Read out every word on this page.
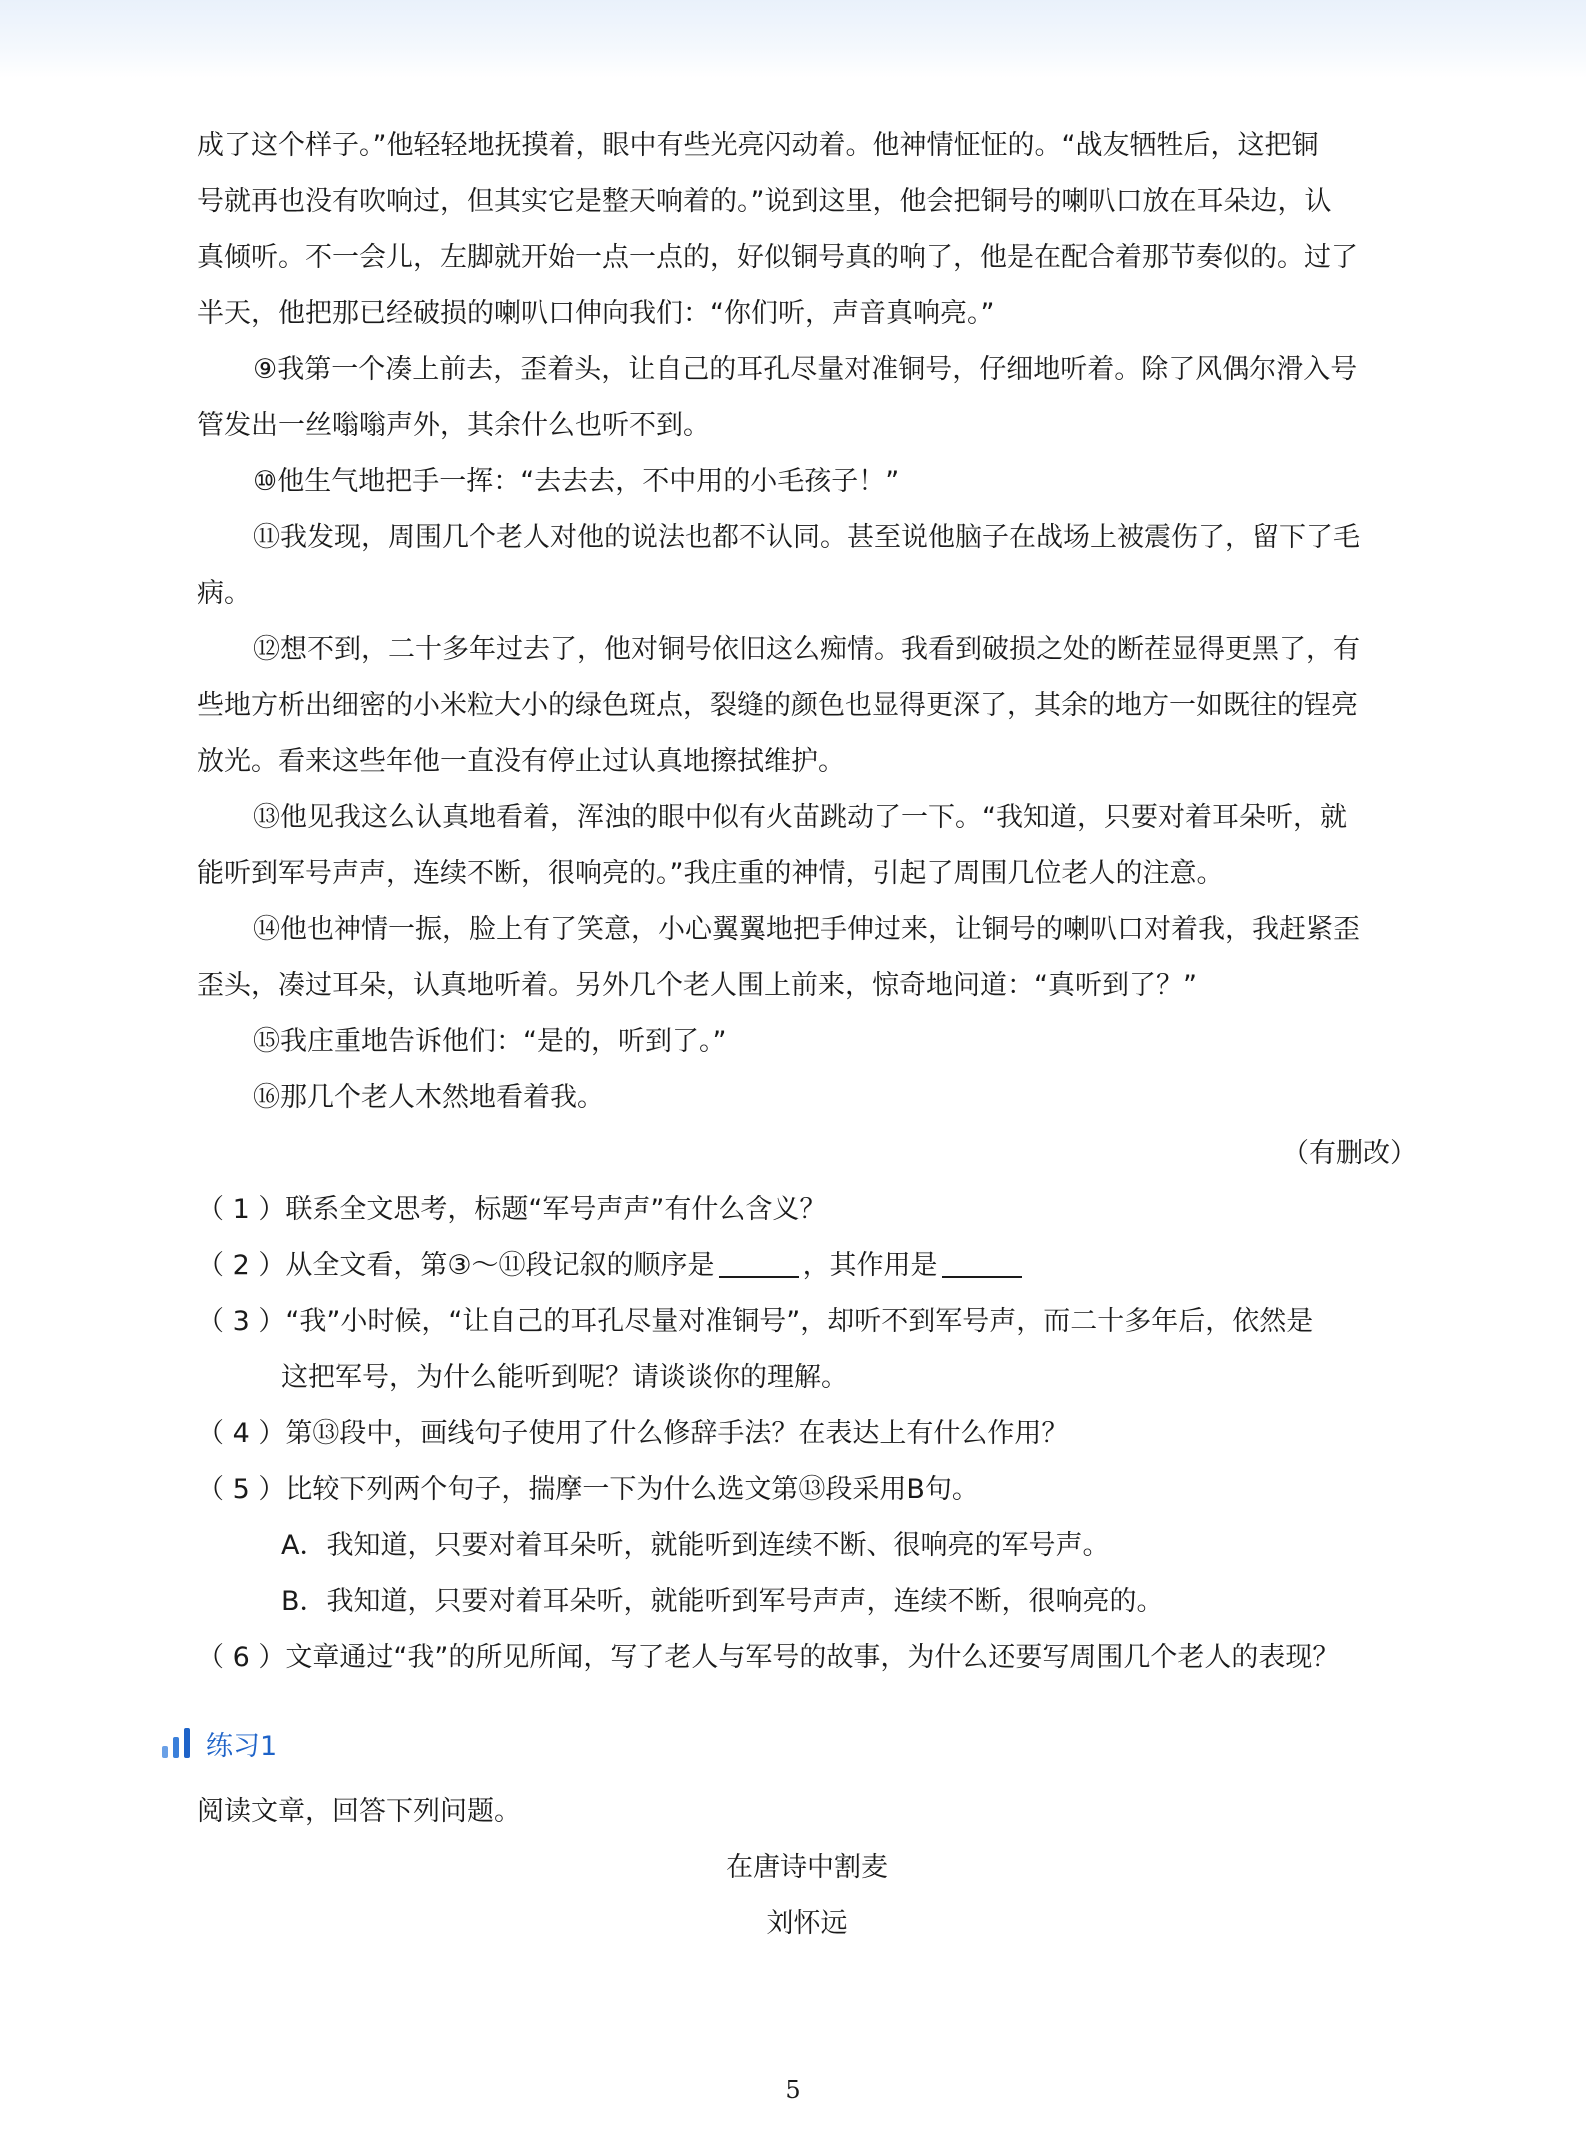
成了这个样子。”他轻轻地抚摸着，眼中有些光亮闪动着。他神情怔怔的。“战友牺牲后，这把铜
号就再也没有吹响过，但其实它是整天响着的。”说到这里，他会把铜号的喇叭口放在耳朵边，认
真倾听。不一会儿，左脚就开始一点一点的，好似铜号真的响了，他是在配合着那节奏似的。过了
半天，他把那已经破损的喇叭口伸向我们：“你们听，声音真响亮。”
⑨我第一个凑上前去，歪着头，让自己的耳孔尽量对准铜号，仔细地听着。除了风偶尔滑入号
管发出一丝嗡嗡声外，其余什么也听不到。
⑩他生气地把手一挥：“去去去，不中用的小毛孩子！”
⑪我发现，周围几个老人对他的说法也都不认同。甚至说他脑子在战场上被震伤了，留下了毛
病。
⑫想不到，二十多年过去了，他对铜号依旧这么痴情。我看到破损之处的断茬显得更黑了，有
些地方析出细密的小米粒大小的绿色斑点，裂缝的颜色也显得更深了，其余的地方一如既往的锃亮
放光。看来这些年他一直没有停止过认真地擦拭维护。
⑬他见我这么认真地看着，浑浊的眼中似有火苗跳动了一下。“我知道，只要对着耳朵听，就
能听到军号声声，连续不断，很响亮的。”我庄重的神情，引起了周围几位老人的注意。
⑭他也神情一振，脸上有了笑意，小心翼翼地把手伸过来，让铜号的喇叭口对着我，我赶紧歪
歪头，凑过耳朵，认真地听着。另外几个老人围上前来，惊奇地问道：“真听到了？”
⑮我庄重地告诉他们：“是的，听到了。”
⑯那几个老人木然地看着我。
（有删改）
（ 1 ）联系全文思考，标题“军号声声”有什么含义？
（ 2 ）从全文看，第③～⑪段记叙的顺序是	，其作用是
（ 3 ）“我”小时候，“让自己的耳孔尽量对准铜号”，却听不到军号声，而二十多年后，依然是
这把军号，为什么能听到呢？请谈谈你的理解。
（ 4 ）第⑬段中，画线句子使用了什么修辞手法？在表达上有什么作用？
（ 5 ）比较下列两个句子，揣摩一下为什么选文第⑬段采用B句。
A．我知道，只要对着耳朵听，就能听到连续不断、很响亮的军号声。
B．我知道，只要对着耳朵听，就能听到军号声声，连续不断，很响亮的。
（ 6 ）文章通过“我”的所见所闻，写了老人与军号的故事，为什么还要写周围几个老人的表现？
练习1
阅读文章，回答下列问题。
在唐诗中割麦
刘怀远
5
